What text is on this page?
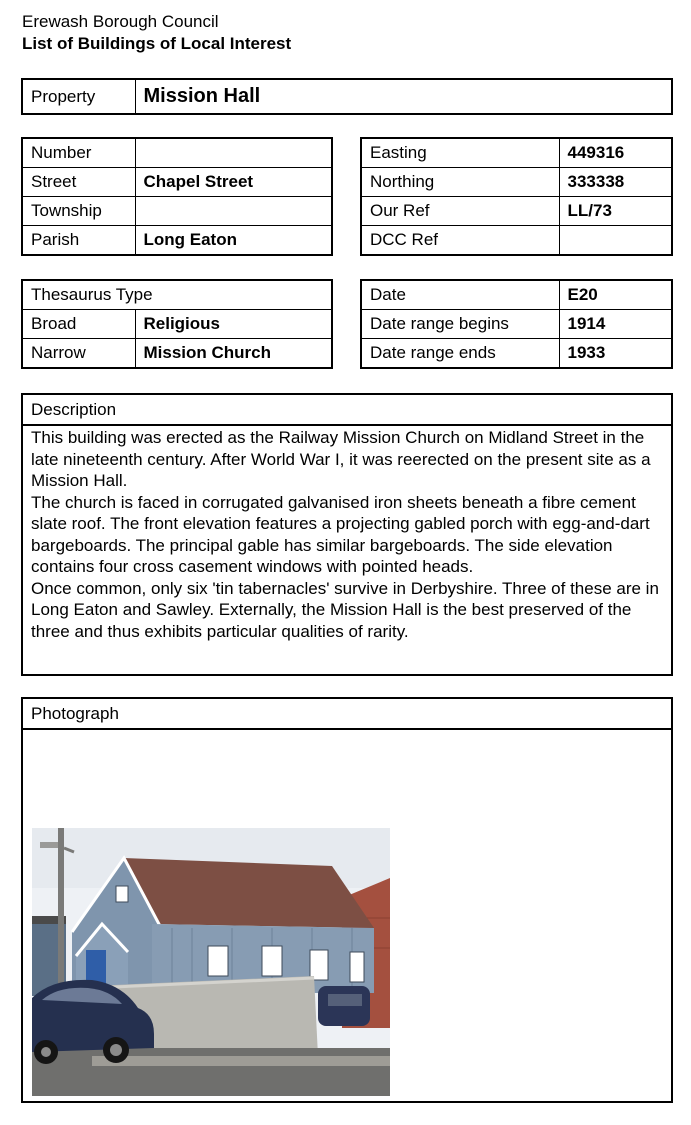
Erewash Borough Council
List of Buildings of Local Interest
Property	Mission Hall
Number	
Street	Chapel Street
Township	
Parish	Long Eaton
Easting	449316
Northing	333338
Our Ref	LL/73
DCC Ref	
Thesaurus Type	
Broad	Religious
Narrow	Mission Church
Date	E20
Date range begins	1914
Date range ends	1933
Description

This building was erected as the Railway Mission Church on Midland Street in the late nineteenth century. After World War I, it was reerected on the present site as a Mission Hall.

The church is faced in corrugated galvanised iron sheets beneath a fibre cement slate roof. The front elevation features a projecting gabled porch with egg-and-dart bargeboards. The principal gable has similar bargeboards. The side elevation contains four cross casement windows with pointed heads.

Once common, only six 'tin tabernacles' survive in Derbyshire. Three of these are in Long Eaton and Sawley. Externally, the Mission Hall is the best preserved of the three and thus exhibits particular qualities of rarity.

Photograph
